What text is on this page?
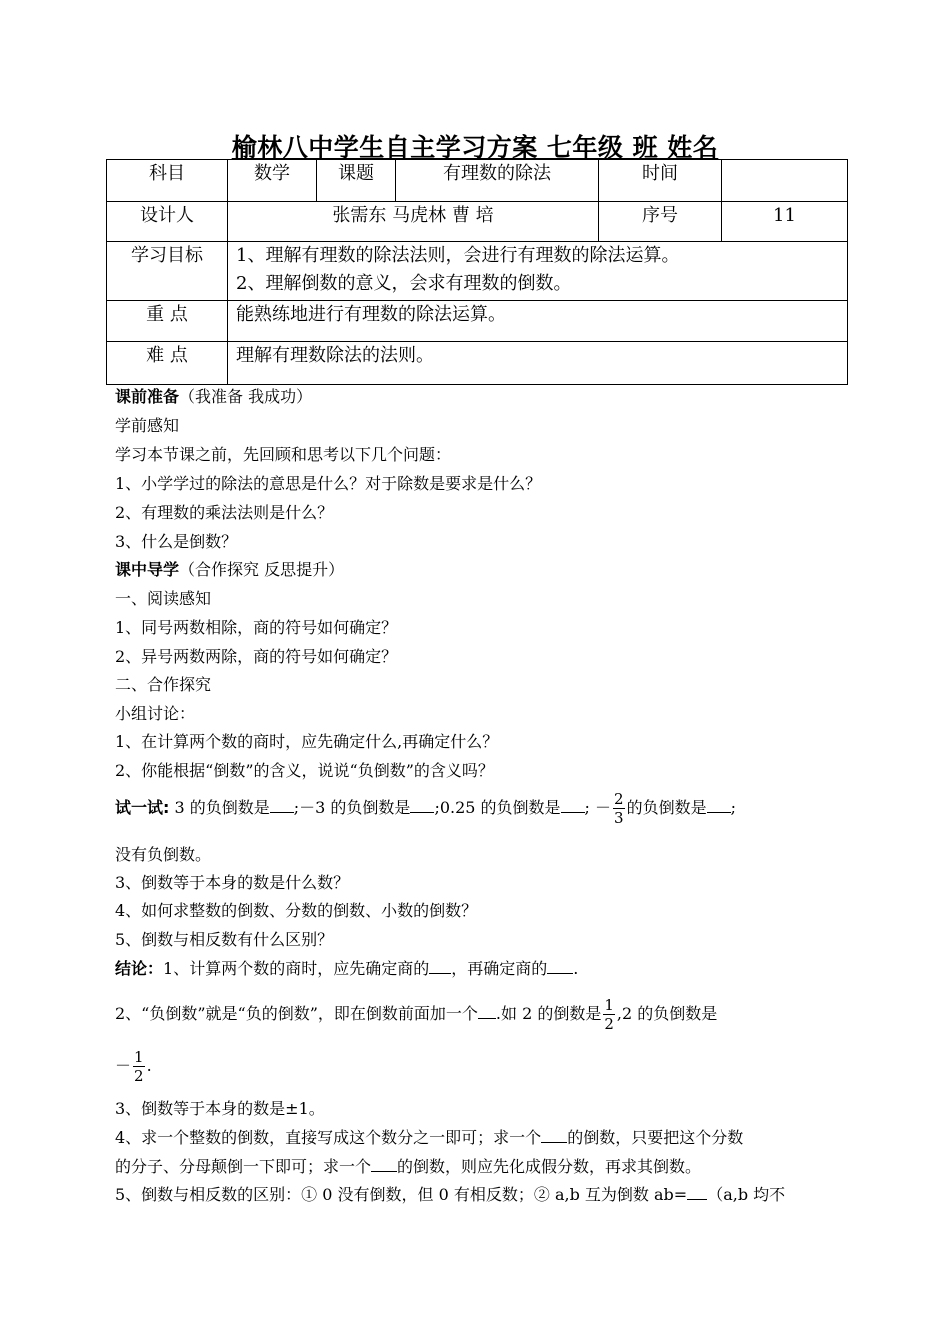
榆林八中学生自主学习方案 七年级 班 姓名
科目	数学	课题	有理数的除法	时间	
设计人	张需东 马虎林 曹 培			序号	11
学习目标	1、理解有理数的除法法则，会进行有理数的除法运算。
2、理解倒数的意义，会求有理数的倒数。				

重 点	能熟练地进行有理数的除法运算。				
难 点	理解有理数除法的法则。				
课前准备（我准备 我成功）
学前感知
学习本节课之前，先回顾和思考以下几个问题：
1、小学学过的除法的意思是什么？对于除数是要求是什么？
2、有理数的乘法法则是什么？
3、什么是倒数？
课中导学（合作探究 反思提升）
一、阅读感知
1、同号两数相除，商的符号如何确定？
2、异号两数两除，商的符号如何确定？
二、合作探究
小组讨论：
1、在计算两个数的商时，应先确定什么,再确定什么？
2、你能根据“倒数”的含义，说说“负倒数”的含义吗？
试一试: 3 的负倒数是 ;－3 的负倒数是 ;0.25 的负倒数是 ; － $\frac{2}{3}$ 的负倒数是 ;
没有负倒数。
3、倒数等于本身的数是什么数？
4、如何求整数的倒数、分数的倒数、小数的倒数？
5、倒数与相反数有什么区别？
结论：1、计算两个数的商时，应先确定商的 ，再确定商的 .
2、“负倒数”就是“负的倒数”，即在倒数前面加一个 .如 2 的倒数是 $\frac{1}{2} ,2$ 的负倒数是
－ $\frac{1}{2}$ .
3、倒数等于本身的数是±1。
4、求一个整数的倒数，直接写成这个数分之一即可；求一个 的倒数，只要把这个分数
的分子、分母颠倒一下即可；求一个 的倒数，则应先化成假分数，再求其倒数。
5、倒数与相反数的区别：① 0 没有倒数，但 0 有相反数；② a,b 互为倒数 ab= （a,b 均不
